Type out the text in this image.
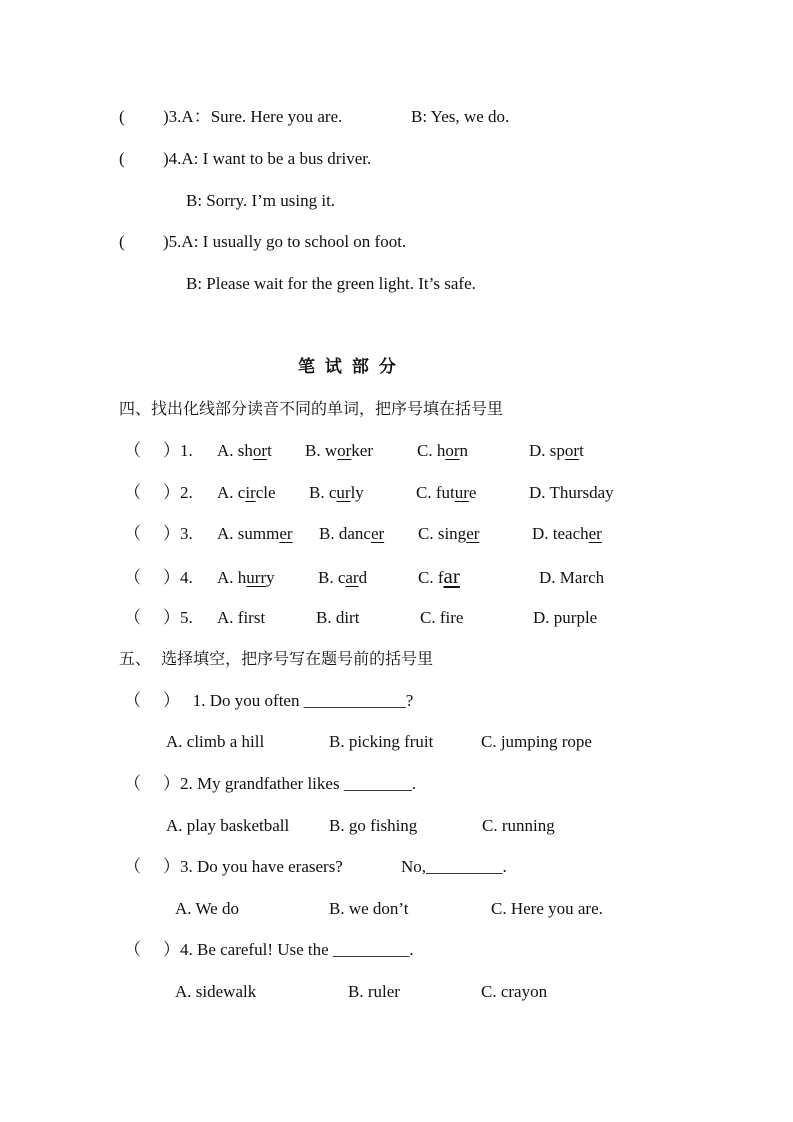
( )3.A：Sure. Here you are.	B: Yes, we do.
( )4.A: I want to be a bus driver.
B: Sorry. I’m using it.
( )5.A: I usually go to school on foot.
B: Please wait for the green light. It’s safe.
笔 试 部 分
四、找出化线部分读音不同的单词，把序号填在括号里
（ ）1. A. short B. worker	C. horn	D. sport
（ ）2. A. circle B. curly	C. future	D. Thursday
（ ）3. A. summer B. dancer C. singer	D. teacher
（ ）4. A. hurry	B. card	C. far	D. March
（ ）5. A. first	B. dirt	C. fire	D. purple
五、  选择填空，把序号写在题号前的括号里
（ ）   1. Do you often ____________?
A. climb a hill	B. picking fruit	C. jumping rope
（ ）2. My grandfather likes ________.
A. play basketball B. go fishing	C. running
（ ）3. Do you have erasers?	No,_________.
A. We do	B. we don’t	C. Here you are.
（ ）4. Be careful! Use the _________.
A. sidewalk	B. ruler	C. crayon
